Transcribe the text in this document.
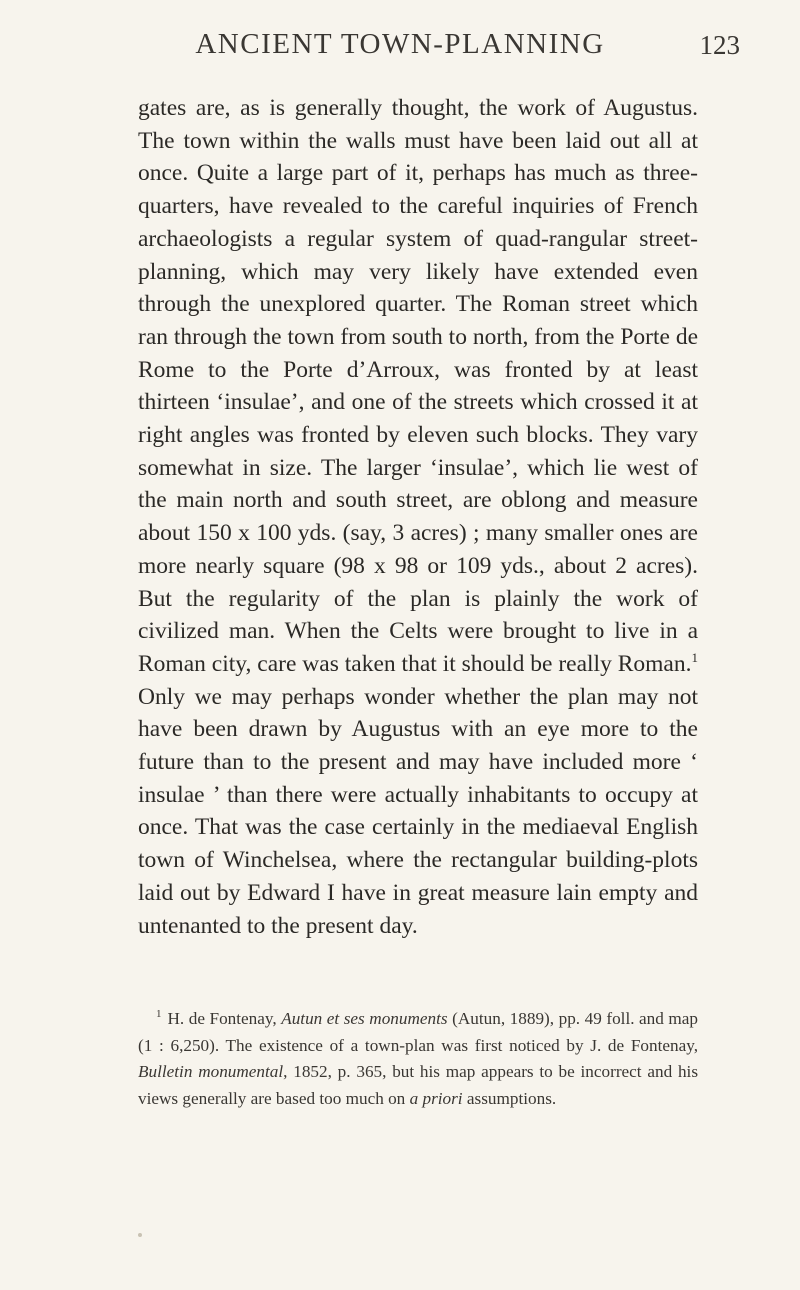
ANCIENT TOWN-PLANNING	123

gates are, as is generally thought, the work of Augustus. The town within the walls must have been laid out all at once. Quite a large part of it, perhaps has much as three-quarters, have revealed to the careful inquiries of French archaeologists a regular system of quad-rangular street-planning, which may very likely have extended even through the unexplored quarter. The Roman street which ran through the town from south to north, from the Porte de Rome to the Porte d’Arroux, was fronted by at least thirteen ‘insulae’, and one of the streets which crossed it at right angles was fronted by eleven such blocks. They vary somewhat in size. The larger ‘insulae’, which lie west of the main north and south street, are oblong and measure about 150 x 100 yds. (say, 3 acres) ; many smaller ones are more nearly square (98 x 98 or 109 yds., about 2 acres). But the regularity of the plan is plainly the work of civilized man. When the Celts were brought to live in a Roman city, care was taken that it should be really Roman.$^1$ Only we may perhaps wonder whether the plan may not have been drawn by Augustus with an eye more to the future than to the present and may have included more ‘ insulae ’ than there were actually inhabitants to occupy at once. That was the case certainly in the mediaeval English town of Winchelsea, where the rectangular building-plots laid out by Edward I have in great measure lain empty and untenanted to the present day.

$^1$ H. de Fontenay, Autun et ses monuments (Autun, 1889), pp. 49 foll. and map (1 : 6,250). The existence of a town-plan was first noticed by J. de Fontenay, Bulletin monumental, 1852, p. 365, but his map appears to be incorrect and his views generally are based too much on a priori assumptions.
